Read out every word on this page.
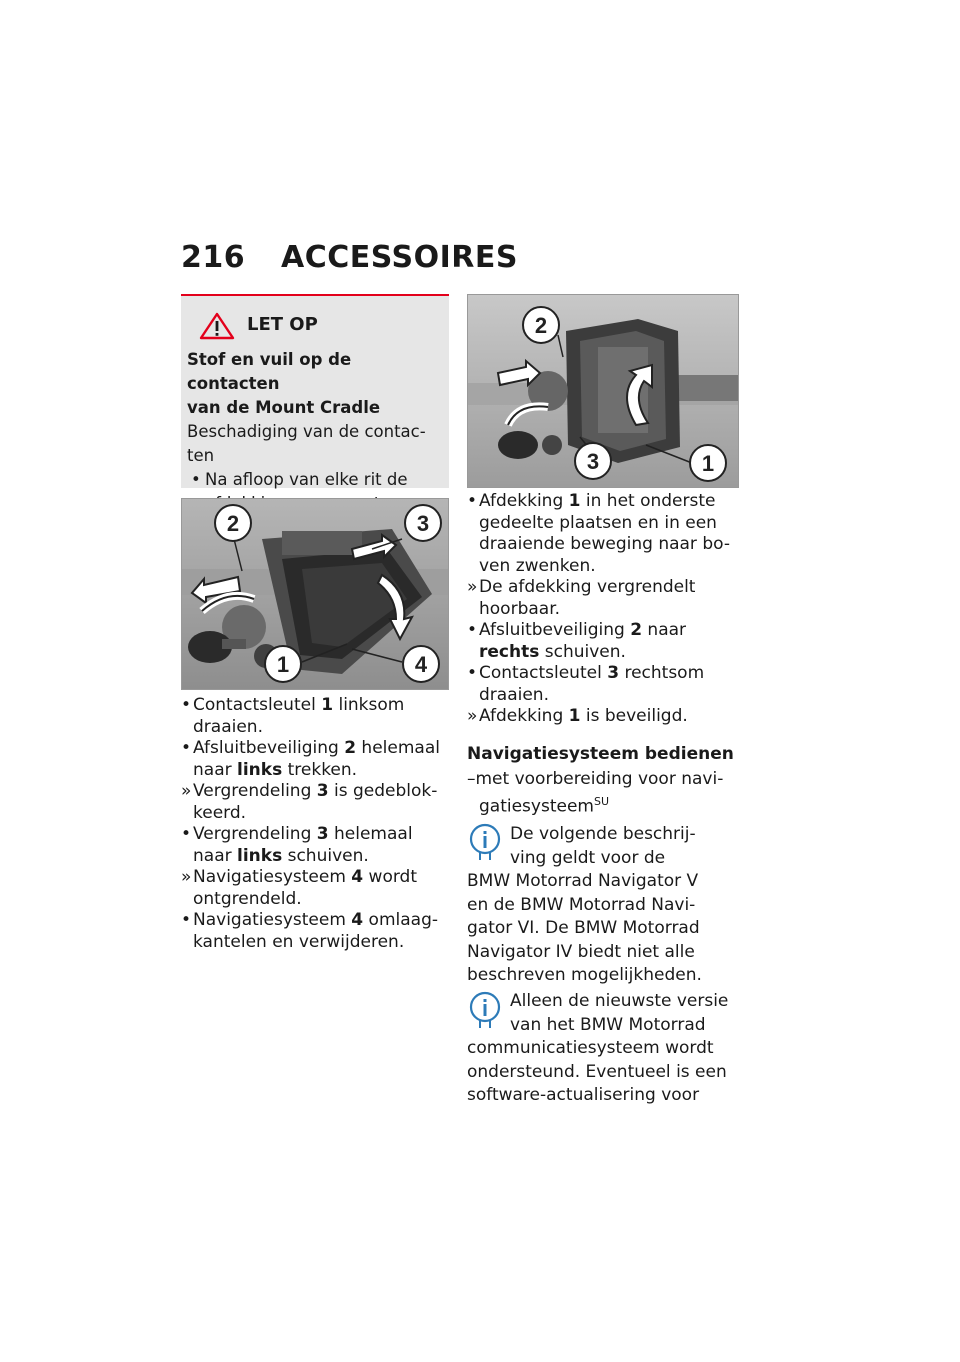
216 ACCESSOIRES
LET OP
Stof en vuil op de contacten
van de Mount Cradle
Beschadiging van de contac-
ten
• Na afloop van elke rit de
2	3
1	4
• Contactsleutel 1 linksom
draaien.
• Afsluitbeveiliging 2 helemaal
naar links trekken.
» Vergrendeling 3 is gedeblok-
keerd.
• Vergrendeling 3 helemaal
naar links schuiven.
» Navigatiesysteem 4 wordt
ontgrendeld.
• Navigatiesysteem 4 omlaag-
kantelen en verwijderen.
2
3	1
• Afdekking 1 in het onderste
gedeelte plaatsen en in een
draaiende beweging naar bo-
ven zwenken.
» De afdekking vergrendelt
hoorbaar.
• Afsluitbeveiliging 2 naar
rechts schuiven.
• Contactsleutel 3 rechtsom
draaien.
» Afdekking 1 is beveiligd.
Navigatiesysteem bedienen
–met voorbereiding voor navi-
gatiesysteem$^{SU}$
De volgende beschrij-
ving geldt voor de
BMW Motorrad Navigator V
en de BMW Motorrad Navi-
gator VI. De BMW Motorrad
Navigator IV biedt niet alle
beschreven mogelijkheden.
Alleen de nieuwste versie
van het BMW Motorrad
communicatiesysteem wordt
ondersteund. Eventueel is een
software-actualisering voor
